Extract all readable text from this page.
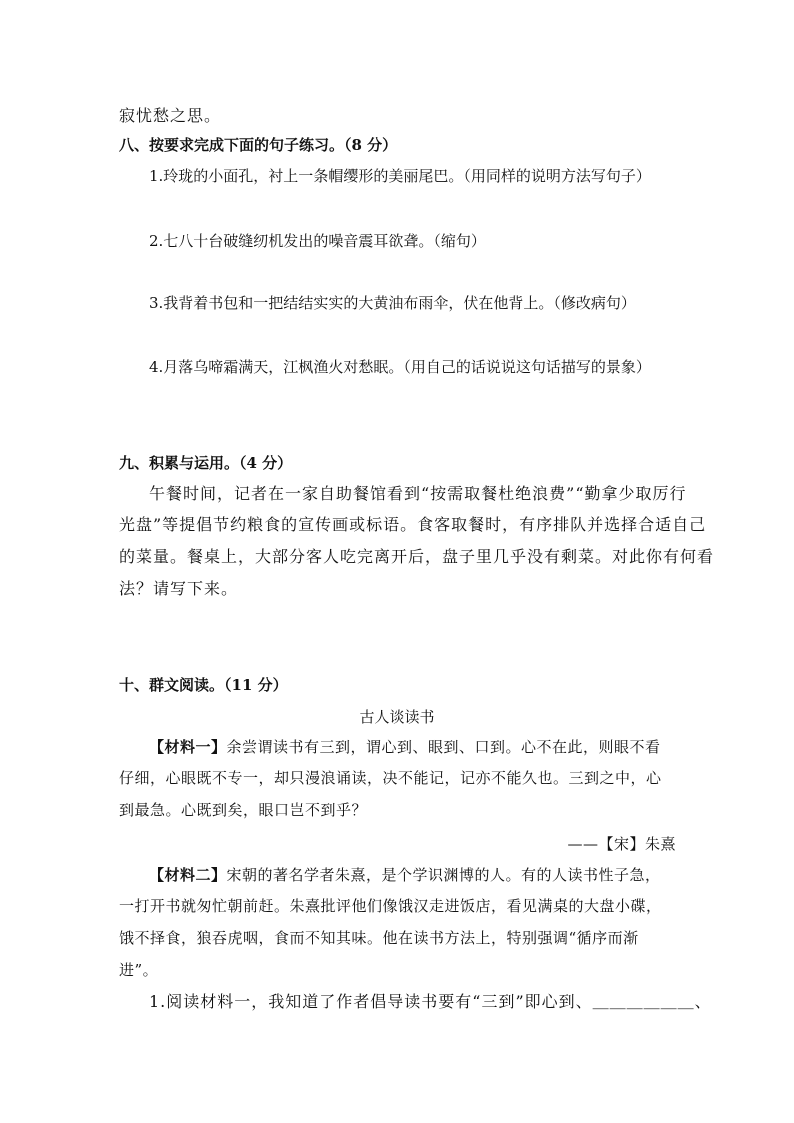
寂忧愁之思。
八、按要求完成下面的句子练习。（8 分）
1.玲珑的小面孔，衬上一条帽缨形的美丽尾巴。（用同样的说明方法写句子）
2.七八十台破缝纫机发出的噪音震耳欲聋。（缩句）
3.我背着书包和一把结结实实的大黄油布雨伞，伏在他背上。（修改病句）
4.月落乌啼霜满天，江枫渔火对愁眠。（用自己的话说说这句话描写的景象）
九、积累与运用。（4 分）
午餐时间，记者在一家自助餐馆看到“按需取餐杜绝浪费”“勤拿少取厉行
光盘”等提倡节约粮食的宣传画或标语。食客取餐时，有序排队并选择合适自己
的菜量。餐桌上，大部分客人吃完离开后，盘子里几乎没有剩菜。对此你有何看
法？请写下来。
十、群文阅读。（11 分）
古人谈读书
【材料一】余尝谓读书有三到，谓心到、眼到、口到。心不在此，则眼不看
仔细，心眼既不专一，却只漫浪诵读，决不能记，记亦不能久也。三到之中，心
到最急。心既到矣，眼口岂不到乎？
——【宋】朱熹
【材料二】宋朝的著名学者朱熹，是个学识渊博的人。有的人读书性子急，
一打开书就匆忙朝前赶。朱熹批评他们像饿汉走进饭店，看见满桌的大盘小碟，
饿不择食，狼吞虎咽，食而不知其味。他在读书方法上，特别强调“循序而渐
进”。
1.阅读材料一，我知道了作者倡导读书要有“三到”即心到、＿＿＿＿＿＿、
